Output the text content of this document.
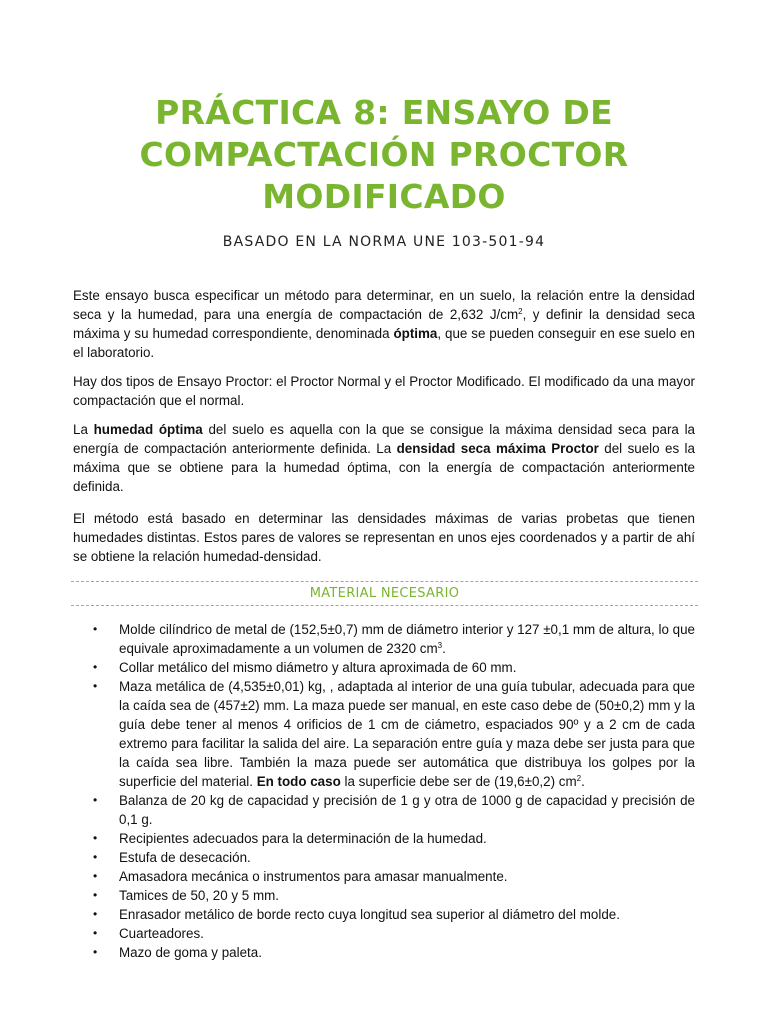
PRÁCTICA 8: ENSAYO DE
COMPACTACIÓN PROCTOR
MODIFICADO
BASADO EN LA NORMA UNE 103-501-94

Este ensayo busca especificar un método para determinar, en un suelo, la relación entre la densidad seca y la humedad, para una energía de compactación de 2,632 $J/cm^2$, y definir la densidad seca máxima y su humedad correspondiente, denominada óptima, que se pueden conseguir en ese suelo en el laboratorio.

Hay dos tipos de Ensayo Proctor: el Proctor Normal y el Proctor Modificado. El modificado da una mayor compactación que el normal.

La humedad óptima del suelo es aquella con la que se consigue la máxima densidad seca para la energía de compactación anteriormente definida. La densidad seca máxima Proctor del suelo es la máxima que se obtiene para la humedad óptima, con la energía de compactación anteriormente definida.

El método está basado en determinar las densidades máximas de varias probetas que tienen humedades distintas. Estos pares de valores se representan en unos ejes coordenados y a partir de ahí se obtiene la relación humedad-densidad.

MATERIAL NECESARIO
•	Molde cilíndrico de metal de (152,5±0,7) mm de diámetro interior y 127 ±0,1 mm de altura, lo que equivale aproximadamente a un volumen de 2320 $cm^3$.
•	Collar metálico del mismo diámetro y altura aproximada de 60 mm.
•	Maza metálica de (4,535±0,01) kg, , adaptada al interior de una guía tubular, adecuada para que la caída sea de (457±2) mm. La maza puede ser manual, en este caso debe de (50±0,2) mm y la guía debe tener al menos 4 orificios de 1 cm de ciámetro, espaciados 90º y a 2 cm de cada extremo para facilitar la salida del aire. La separación entre guía y maza debe ser justa para que la caída sea libre. También la maza puede ser automática que distribuya los golpes por la superficie del material. En todo caso la superficie debe ser de (19,6±0,2) $cm^2$.
•	Balanza de 20 kg de capacidad y precisión de 1 g y otra de 1000 g de capacidad y precisión de 0,1 g.
•	Recipientes adecuados para la determinación de la humedad.
•	Estufa de desecación.
•	Amasadora mecánica o instrumentos para amasar manualmente.
•	Tamices de 50, 20 y 5 mm.
•	Enrasador metálico de borde recto cuya longitud sea superior al diámetro del molde.
•	Cuarteadores.
•	Mazo de goma y paleta.
